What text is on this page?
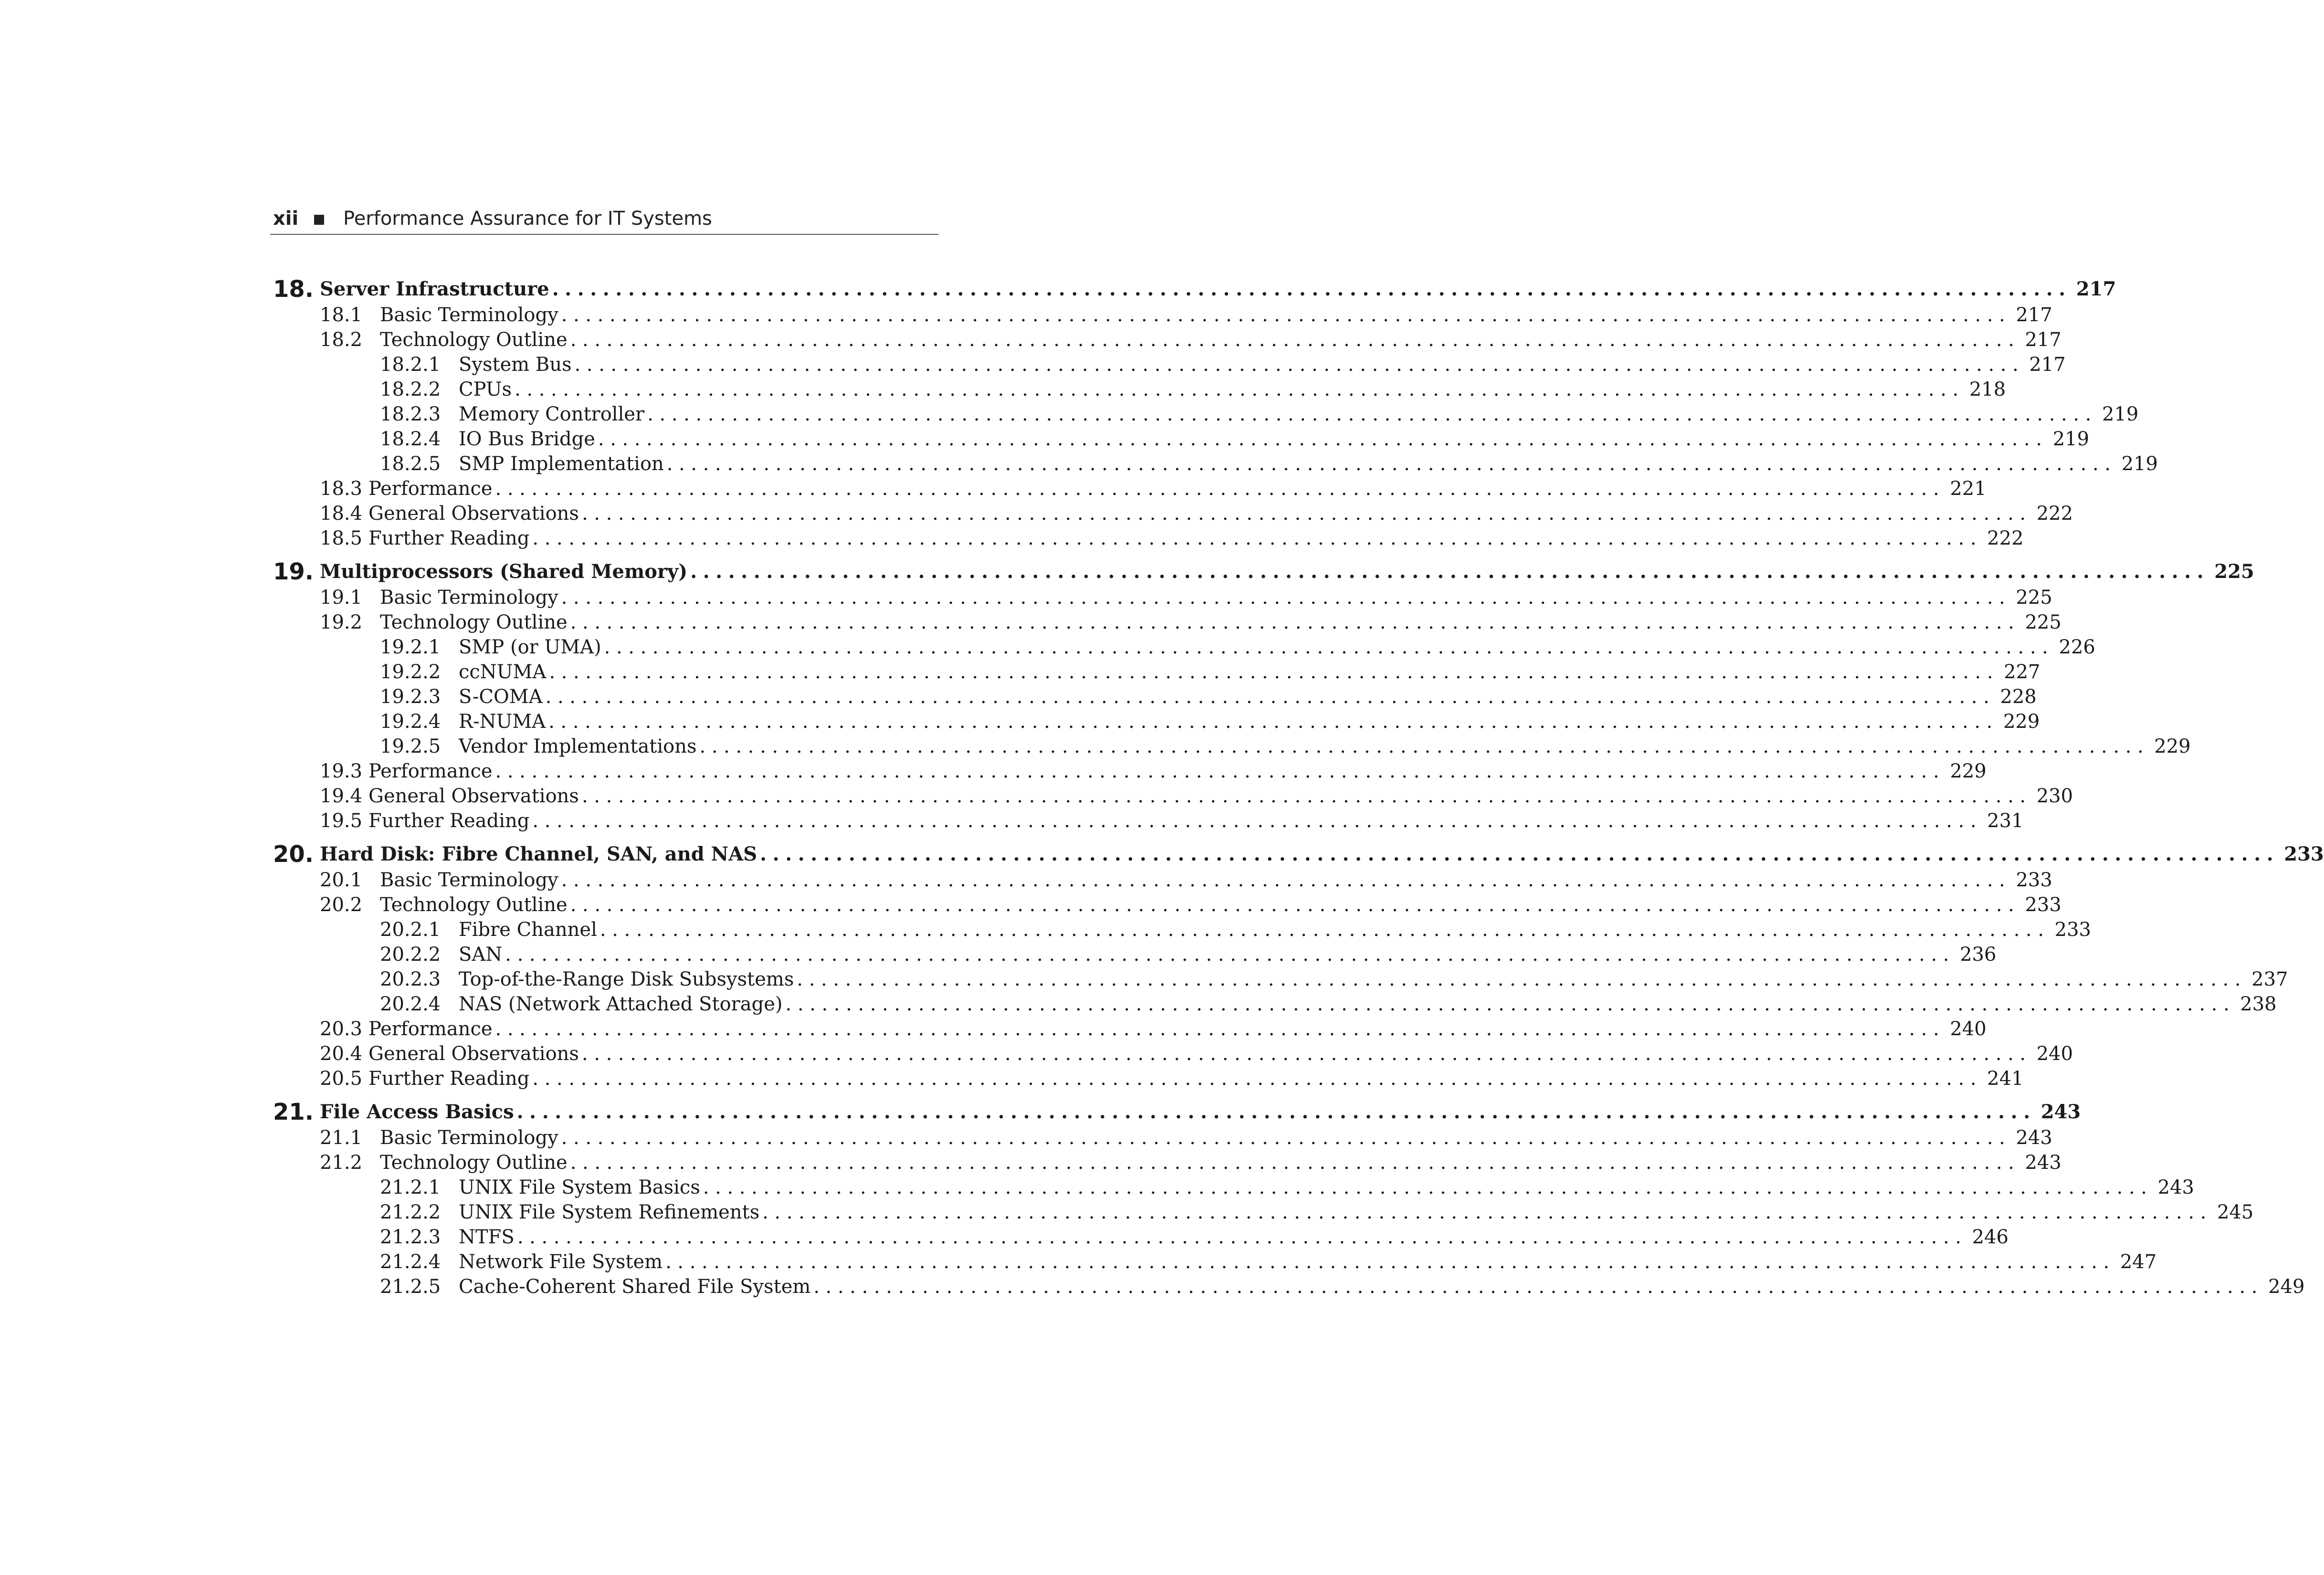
xii Performance Assurance for IT Systems
18. Server Infrastructure ........................................................................................................................ 217
18.1 Basic Terminology ........................................................................................................................ 217
18.2 Technology Outline ........................................................................................................................ 217
18.2.1 System Bus ........................................................................................................................ 217
18.2.2 CPUs ........................................................................................................................ 218
18.2.3 Memory Controller ........................................................................................................................ 219
18.2.4 IO Bus Bridge ........................................................................................................................ 219
18.2.5 SMP Implementation ........................................................................................................................ 219
18.3 Performance ........................................................................................................................ 221
18.4 General Observations ........................................................................................................................ 222
18.5 Further Reading ........................................................................................................................ 222
19. Multiprocessors (Shared Memory) ........................................................................................................................ 225
19.1 Basic Terminology ........................................................................................................................ 225
19.2 Technology Outline ........................................................................................................................ 225
19.2.1 SMP (or UMA) ........................................................................................................................ 226
19.2.2 ccNUMA ........................................................................................................................ 227
19.2.3 S-COMA ........................................................................................................................ 228
19.2.4 R-NUMA ........................................................................................................................ 229
19.2.5 Vendor Implementations ........................................................................................................................ 229
19.3 Performance ........................................................................................................................ 229
19.4 General Observations ........................................................................................................................ 230
19.5 Further Reading ........................................................................................................................ 231
20. Hard Disk: Fibre Channel, SAN, and NAS ........................................................................................................................ 233
20.1 Basic Terminology ........................................................................................................................ 233
20.2 Technology Outline ........................................................................................................................ 233
20.2.1 Fibre Channel ........................................................................................................................ 233
20.2.2 SAN ........................................................................................................................ 236
20.2.3 Top-of-the-Range Disk Subsystems ........................................................................................................................ 237
20.2.4 NAS (Network Attached Storage) ........................................................................................................................ 238
20.3 Performance ........................................................................................................................ 240
20.4 General Observations ........................................................................................................................ 240
20.5 Further Reading ........................................................................................................................ 241
21. File Access Basics ........................................................................................................................ 243
21.1 Basic Terminology ........................................................................................................................ 243
21.2 Technology Outline ........................................................................................................................ 243
21.2.1 UNIX File System Basics ........................................................................................................................ 243
21.2.2 UNIX File System Refinements ........................................................................................................................ 245
21.2.3 NTFS ........................................................................................................................ 246
21.2.4 Network File System ........................................................................................................................ 247
21.2.5 Cache-Coherent Shared File System ........................................................................................................................ 249
